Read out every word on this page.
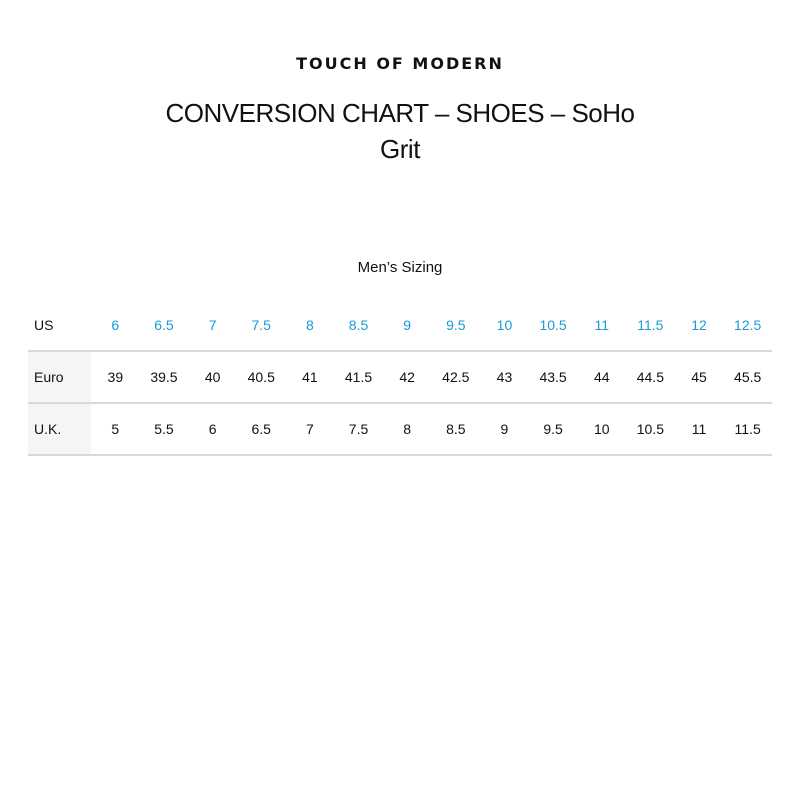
TOUCH OF MODERN
CONVERSION CHART – SHOES – SoHo
Grit
Men’s Sizing
US	6	6.5	7	7.5	8	8.5	9	9.5	10	10.5	11	11.5	12	12.5
Euro	39	39.5	40	40.5	41	41.5	42	42.5	43	43.5	44	44.5	45	45.5
U.K.	5	5.5	6	6.5	7	7.5	8	8.5	9	9.5	10	10.5	11	11.5
